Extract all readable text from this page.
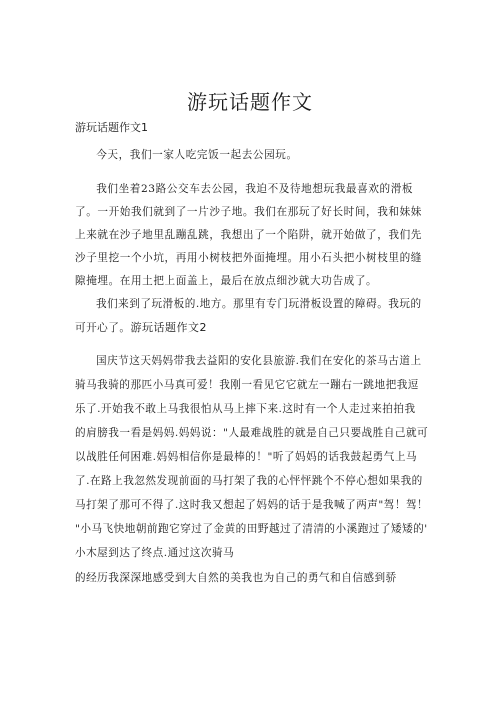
游玩话题作文

游玩话题作文1

今天，我们一家人吃完饭一起去公园玩。

我们坐着23路公交车去公园，我迫不及待地想玩我最喜欢的滑板了。一开始我们就到了一片沙子地。我们在那玩了好长时间，我和妹妹上来就在沙子地里乱蹦乱跳，我想出了一个陷阱，就开始做了，我们先沙子里挖一个小坑，再用小树枝把外面掩埋。用小石头把小树枝里的缝隙掩埋。在用土把上面盖上，最后在放点细沙就大功告成了。

我们来到了玩滑板的.地方。那里有专门玩滑板设置的障碍。我玩的

可开心了。游玩话题作文2

国庆节这天妈妈带我去益阳的安化县旅游.我们在安化的茶马古道上

骑马我骑的那匹小马真可爱！我刚一看见它它就左一蹦右一跳地把我逗

乐了.开始我不敢上马我很怕从马上摔下来.这时有一个人走过来拍拍我

的肩膀我一看是妈妈.妈妈说："人最难战胜的就是自己只要战胜自己就可

以战胜任何困难.妈妈相信你是最棒的！"听了妈妈的话我鼓起勇气上马

了.在路上我忽然发现前面的马打架了我的心怦怦跳个不停心想如果我的

马打架了那可不得了.这时我又想起了妈妈的话于是我喊了两声"驾！驾！

"小马飞快地朝前跑它穿过了金黄的田野越过了清清的小溪跑过了矮矮的'

小木屋到达了终点.通过这次骑马

的经历我深深地感受到大自然的美我也为自己的勇气和自信感到骄
